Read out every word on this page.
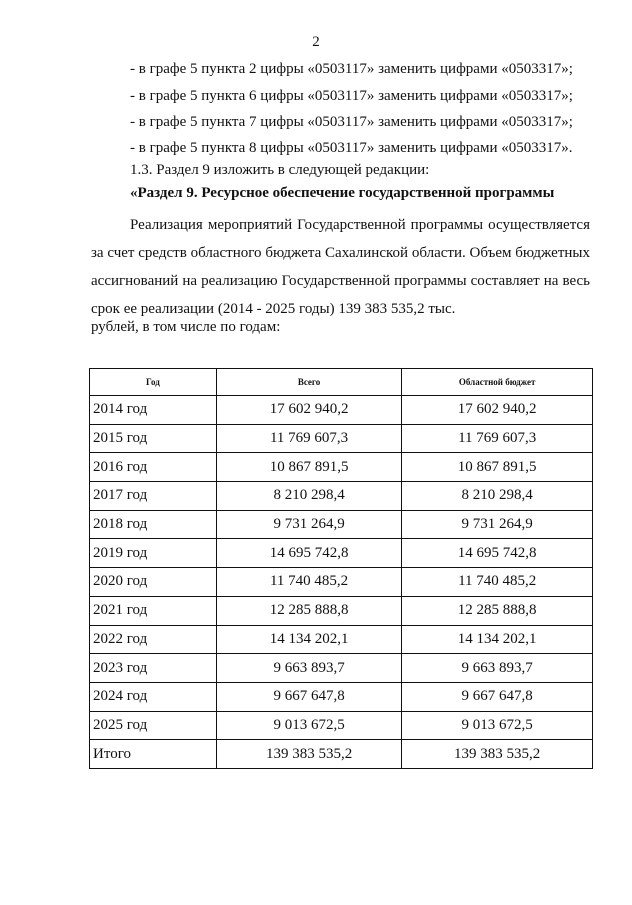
2
- в графе 5 пункта 2 цифры «0503117» заменить цифрами «0503317»;
- в графе 5 пункта 6 цифры «0503117» заменить цифрами «0503317»;
- в графе 5 пункта 7 цифры «0503117» заменить цифрами «0503317»;
- в графе 5 пункта 8 цифры «0503117» заменить цифрами «0503317».
1.3. Раздел 9 изложить в следующей редакции:
«Раздел 9. Ресурсное обеспечение государственной программы
Реализация мероприятий Государственной программы осуществляется за счет средств областного бюджета Сахалинской области. Объем бюджетных ассигнований на реализацию Государственной программы составляет на весь срок ее реализации (2014 - 2025 годы) 139 383 535,2 тыс.
рублей, в том числе по годам:
Год	Всего	Областной бюджет
2014 год	17 602 940,2	17 602 940,2
2015 год	11 769 607,3	11 769 607,3
2016 год	10 867 891,5	10 867 891,5
2017 год	8 210 298,4	8 210 298,4
2018 год	9 731 264,9	9 731 264,9
2019 год	14 695 742,8	14 695 742,8
2020 год	11 740 485,2	11 740 485,2
2021 год	12 285 888,8	12 285 888,8
2022 год	14 134 202,1	14 134 202,1
2023 год	9 663 893,7	9 663 893,7
2024 год	9 667 647,8	9 667 647,8
2025 год	9 013 672,5	9 013 672,5
Итого	139 383 535,2	139 383 535,2
